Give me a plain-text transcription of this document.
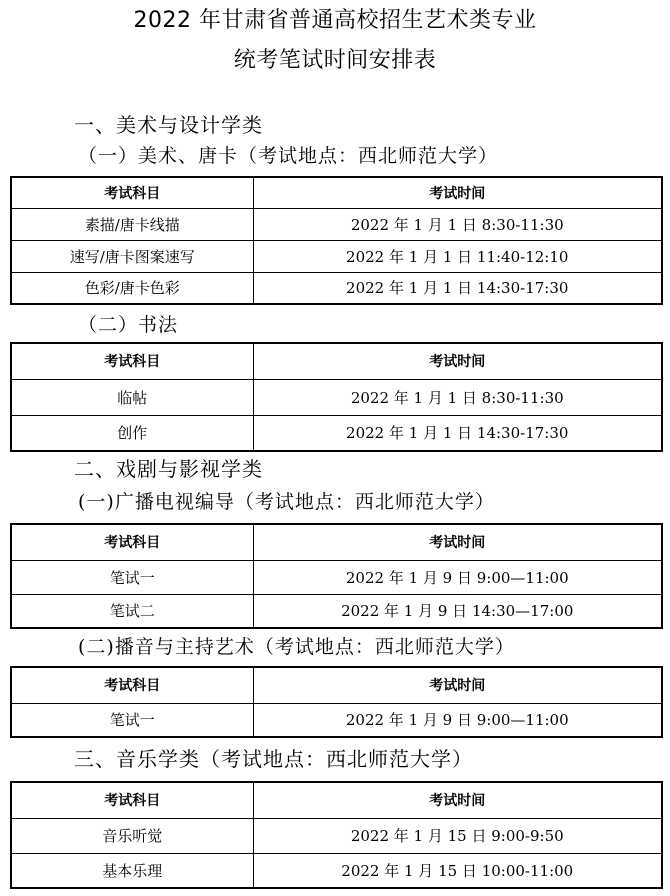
2022 年甘肃省普通高校招生艺术类专业
统考笔试时间安排表
一、美术与设计学类
（一）美术、唐卡（考试地点：西北师范大学）
考试科目	考试时间
素描/唐卡线描	2022 年 1 月 1 日 8:30-11:30
速写/唐卡图案速写	2022 年 1 月 1 日 11:40-12:10
色彩/唐卡色彩	2022 年 1 月 1 日 14:30-17:30
（二）书法
考试科目	考试时间
临帖	2022 年 1 月 1 日 8:30-11:30
创作	2022 年 1 月 1 日 14:30-17:30
二、戏剧与影视学类
(一)广播电视编导（考试地点：西北师范大学）
考试科目	考试时间
笔试一	2022 年 1 月 9 日 9:00—11:00
笔试二	2022 年 1 月 9 日 14:30—17:00
(二)播音与主持艺术（考试地点：西北师范大学）
考试科目	考试时间
笔试一	2022 年 1 月 9 日 9:00—11:00
三、音乐学类（考试地点：西北师范大学）
考试科目	考试时间
音乐听觉	2022 年 1 月 15 日 9:00-9:50
基本乐理	2022 年 1 月 15 日 10:00-11:00
